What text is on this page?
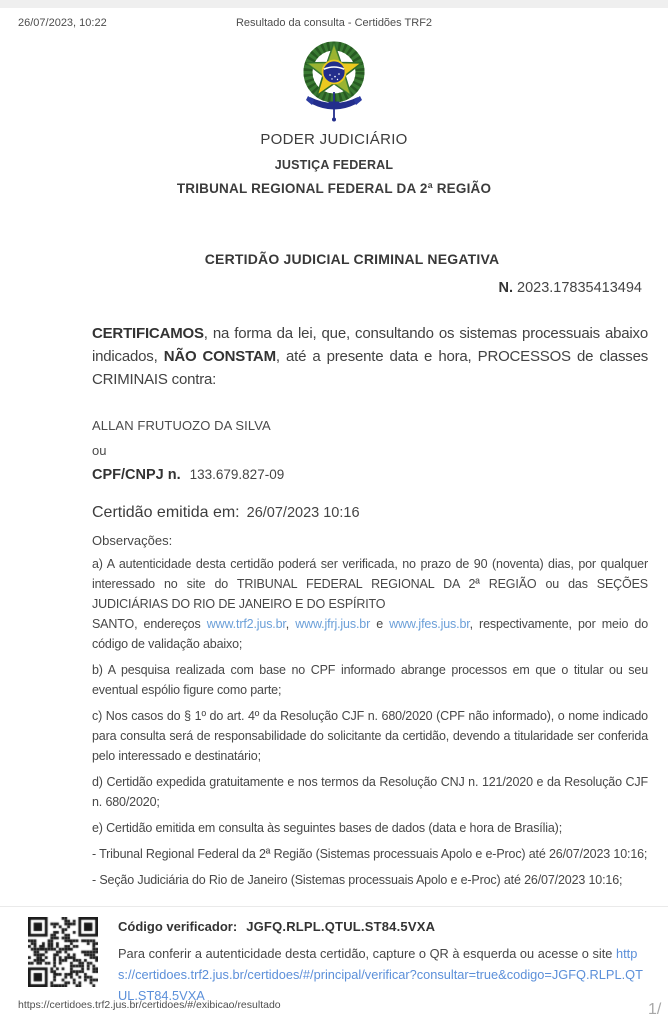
26/07/2023, 10:22	Resultado da consulta - Certidões TRF2
PODER JUDICIÁRIO
JUSTIÇA FEDERAL
TRIBUNAL REGIONAL FEDERAL DA 2ª REGIÃO
CERTIDÃO JUDICIAL CRIMINAL NEGATIVA
N. 2023.17835413494

CERTIFICAMOS, na forma da lei, que, consultando os sistemas processuais abaixo indicados, NÃO CONSTAM, até a presente data e hora, PROCESSOS de classes CRIMINAIS contra:

ALLAN FRUTUOZO DA SILVA
ou
CPF/CNPJ n. 133.679.827-09
Certidão emitida em: 26/07/2023 10:16
Observações:

a) A autenticidade desta certidão poderá ser verificada, no prazo de 90 (noventa) dias, por qualquer interessado no site do TRIBUNAL FEDERAL REGIONAL DA 2ª REGIÃO ou das SEÇÕES JUDICIÁRIAS DO RIO DE JANEIRO E DO ESPÍRITO
SANTO, endereços www.trf2.jus.br, www.jfrj.jus.br e www.jfes.jus.br, respectivamente, por meio do código de validação abaixo;

b) A pesquisa realizada com base no CPF informado abrange processos em que o titular ou seu eventual espólio figure como parte;

c) Nos casos do § 1º do art. 4º da Resolução CJF n. 680/2020 (CPF não informado), o nome indicado para consulta será de responsabilidade do solicitante da certidão, devendo a titularidade ser conferida pelo interessado e destinatário;

d) Certidão expedida gratuitamente e nos termos da Resolução CNJ n. 121/2020 e da Resolução CJF n. 680/2020;

e) Certidão emitida em consulta às seguintes bases de dados (data e hora de Brasília);

- Tribunal Regional Federal da 2ª Região (Sistemas processuais Apolo e e-Proc) até 26/07/2023 10:16;

- Seção Judiciária do Rio de Janeiro (Sistemas processuais Apolo e e-Proc) até 26/07/2023 10:16;

Código verificador: JGFQ.RLPL.QTUL.ST84.5VXA
Para conferir a autenticidade desta certidão, capture o QR à esquerda ou acesse o site https://certidoes.trf2.jus.br/certidoes/#/principal/verificar?consultar=true&codigo=JGFQ.RLPL.QTUL.ST84.5VXA
https://certidoes.trf2.jus.br/certidoes/#/exibicao/resultado	1/
